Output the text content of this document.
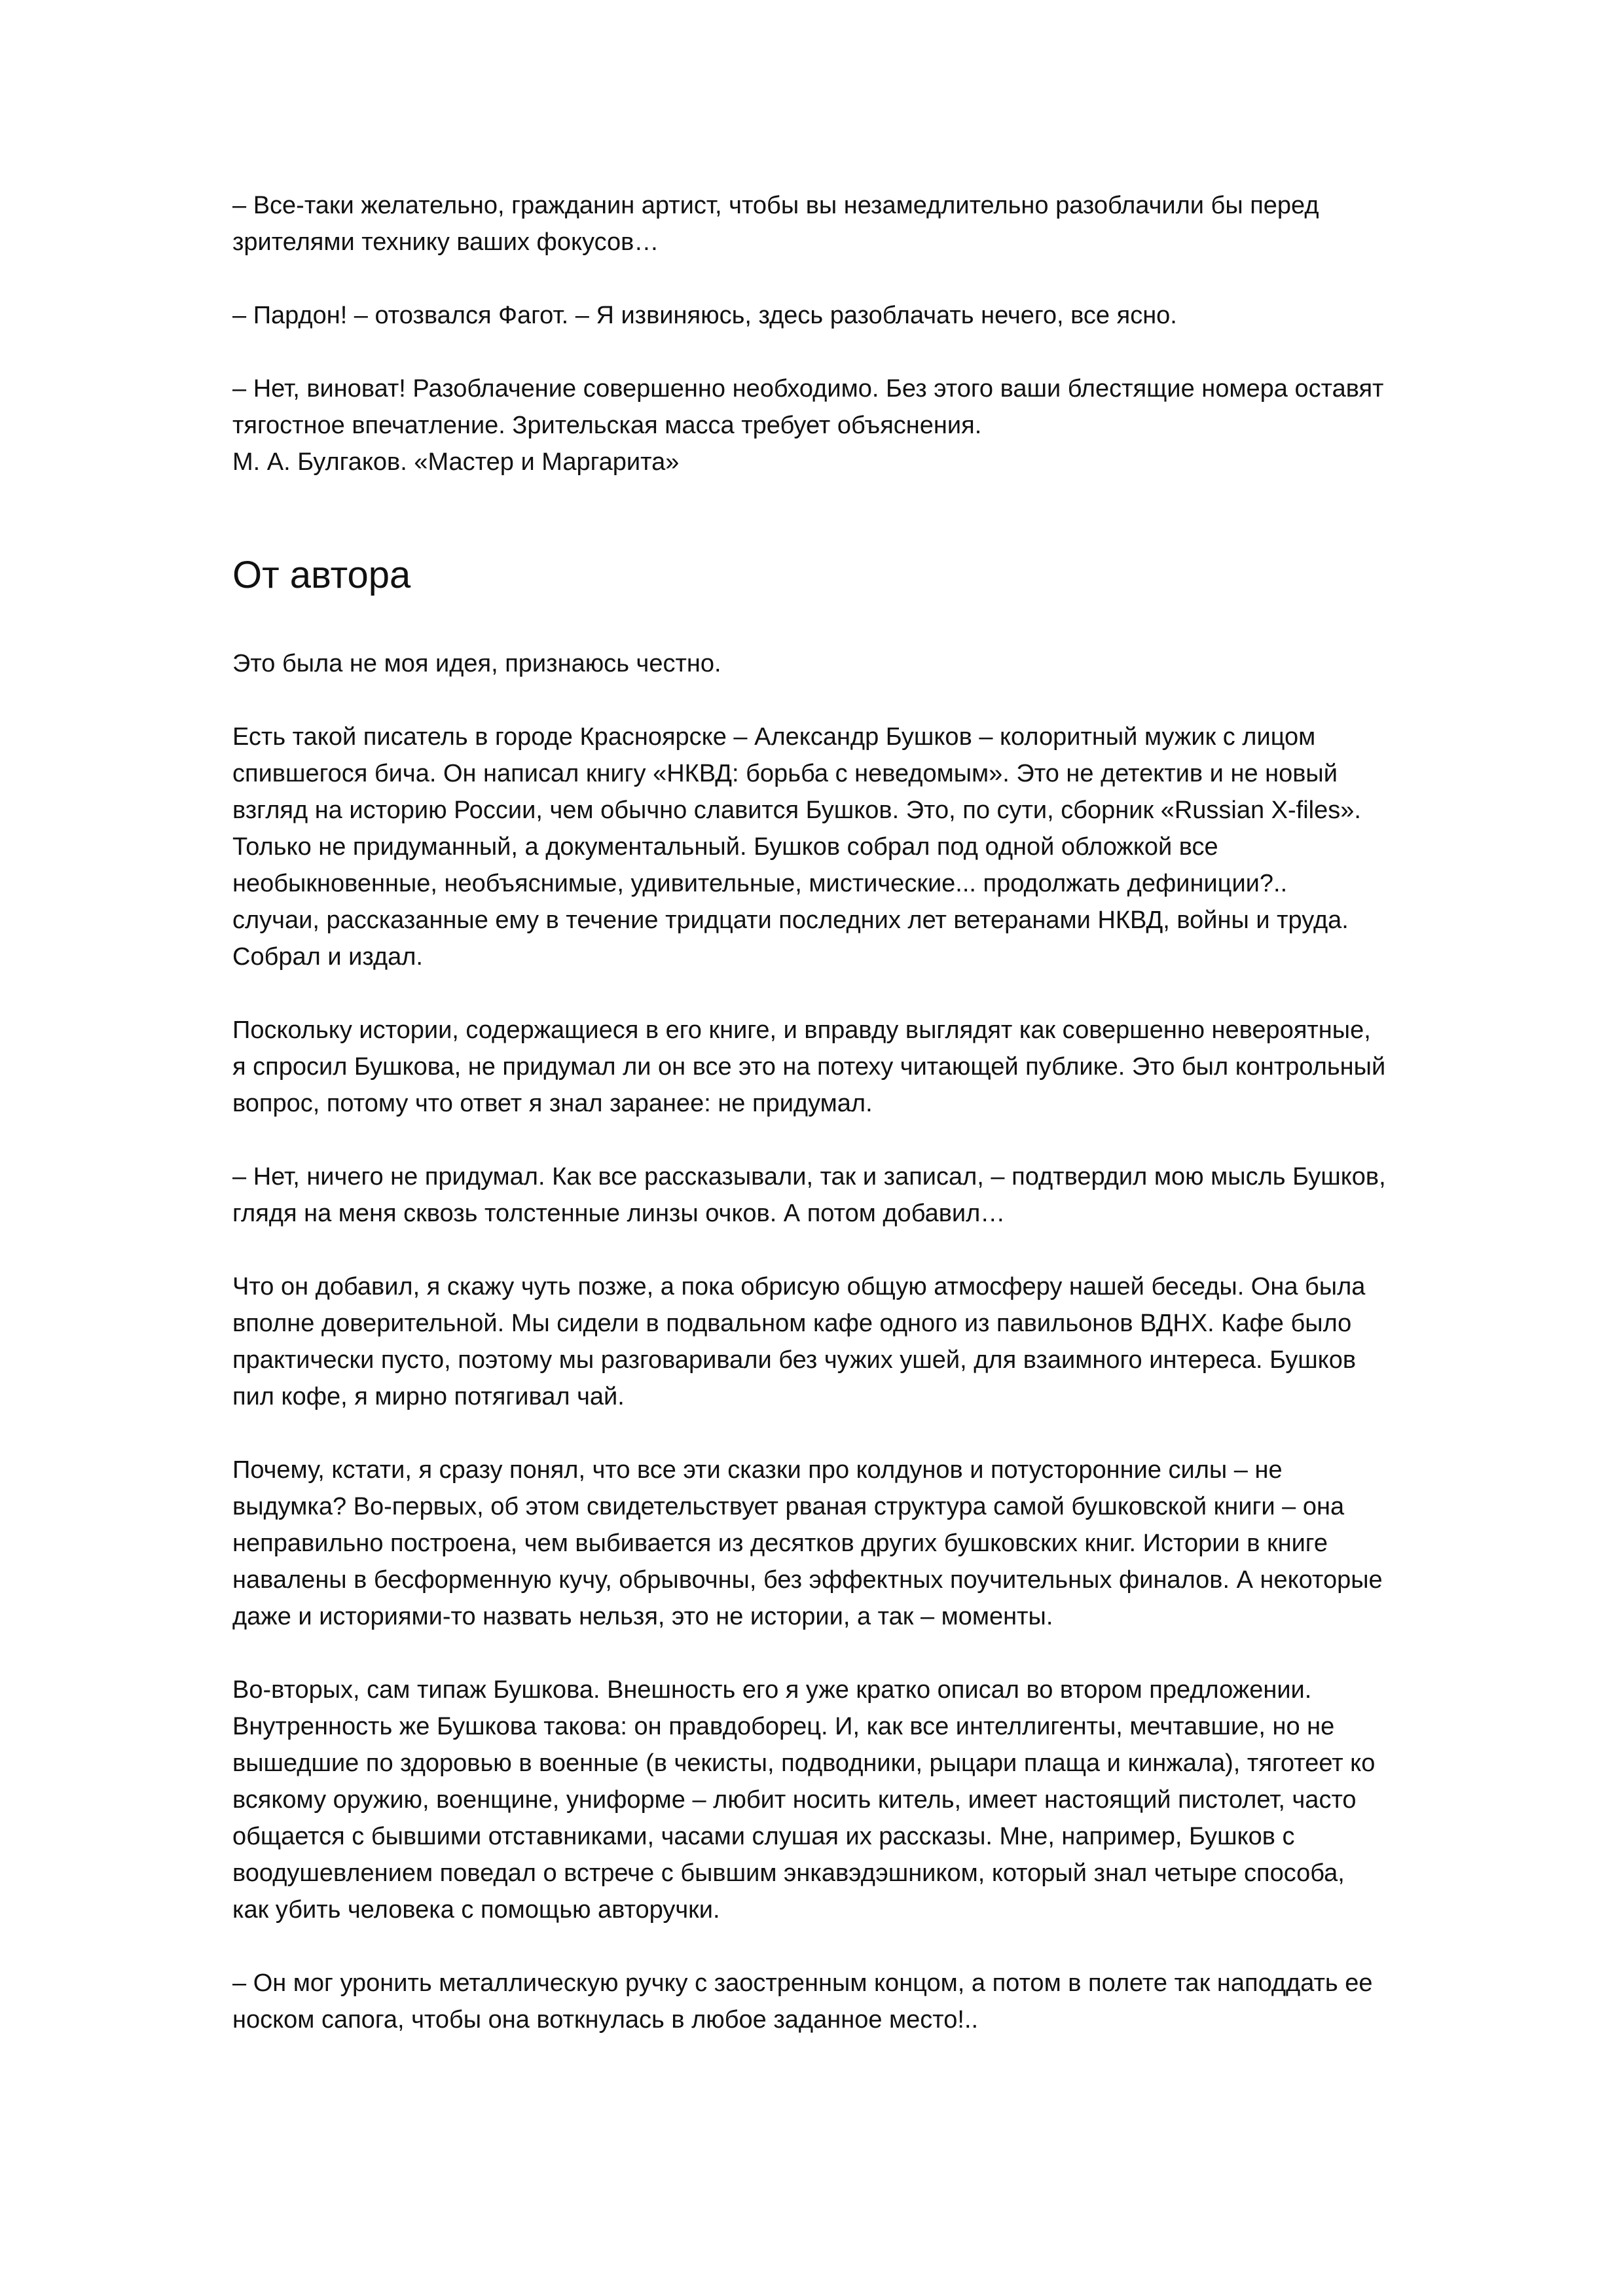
– Все-таки желательно, гражданин артист, чтобы вы незамедлительно разоблачили бы перед
зрителями технику ваших фокусов…

– Пардон! – отозвался Фагот. – Я извиняюсь, здесь разоблачать нечего, все ясно.

– Нет, виноват! Разоблачение совершенно необходимо. Без этого ваши блестящие номера оставят
тягостное впечатление. Зрительская масса требует объяснения.
М. А. Булгаков. «Мастер и Маргарита»

От автора

Это была не моя идея, признаюсь честно.

Есть такой писатель в городе Красноярске – Александр Бушков – колоритный мужик с лицом
спившегося бича. Он написал книгу «НКВД: борьба с неведомым». Это не детектив и не новый
взгляд на историю России, чем обычно славится Бушков. Это, по сути, сборник «Russian X-files».
Только не придуманный, а документальный. Бушков собрал под одной обложкой все
необыкновенные, необъяснимые, удивительные, мистические... продолжать дефиниции?..
случаи, рассказанные ему в течение тридцати последних лет ветеранами НКВД, войны и труда.
Собрал и издал.

Поскольку истории, содержащиеся в его книге, и вправду выглядят как совершенно невероятные,
я спросил Бушкова, не придумал ли он все это на потеху читающей публике. Это был контрольный
вопрос, потому что ответ я знал заранее: не придумал.

– Нет, ничего не придумал. Как все рассказывали, так и записал, – подтвердил мою мысль Бушков,
глядя на меня сквозь толстенные линзы очков. А потом добавил…

Что он добавил, я скажу чуть позже, а пока обрисую общую атмосферу нашей беседы. Она была
вполне доверительной. Мы сидели в подвальном кафе одного из павильонов ВДНХ. Кафе было
практически пусто, поэтому мы разговаривали без чужих ушей, для взаимного интереса. Бушков
пил кофе, я мирно потягивал чай.

Почему, кстати, я сразу понял, что все эти сказки про колдунов и потусторонние силы – не
выдумка? Во-первых, об этом свидетельствует рваная структура самой бушковской книги – она
неправильно построена, чем выбивается из десятков других бушковских книг. Истории в книге
навалены в бесформенную кучу, обрывочны, без эффектных поучительных финалов. А некоторые
даже и историями-то назвать нельзя, это не истории, а так – моменты.

Во-вторых, сам типаж Бушкова. Внешность его я уже кратко описал во втором предложении.
Внутренность же Бушкова такова: он правдоборец. И, как все интеллигенты, мечтавшие, но не
вышедшие по здоровью в военные (в чекисты, подводники, рыцари плаща и кинжала), тяготеет ко
всякому оружию, военщине, униформе – любит носить китель, имеет настоящий пистолет, часто
общается с бывшими отставниками, часами слушая их рассказы. Мне, например, Бушков с
воодушевлением поведал о встрече с бывшим энкавэдэшником, который знал четыре способа,
как убить человека с помощью авторучки.

– Он мог уронить металлическую ручку с заостренным концом, а потом в полете так наподдать ее
носком сапога, чтобы она воткнулась в любое заданное место!..
